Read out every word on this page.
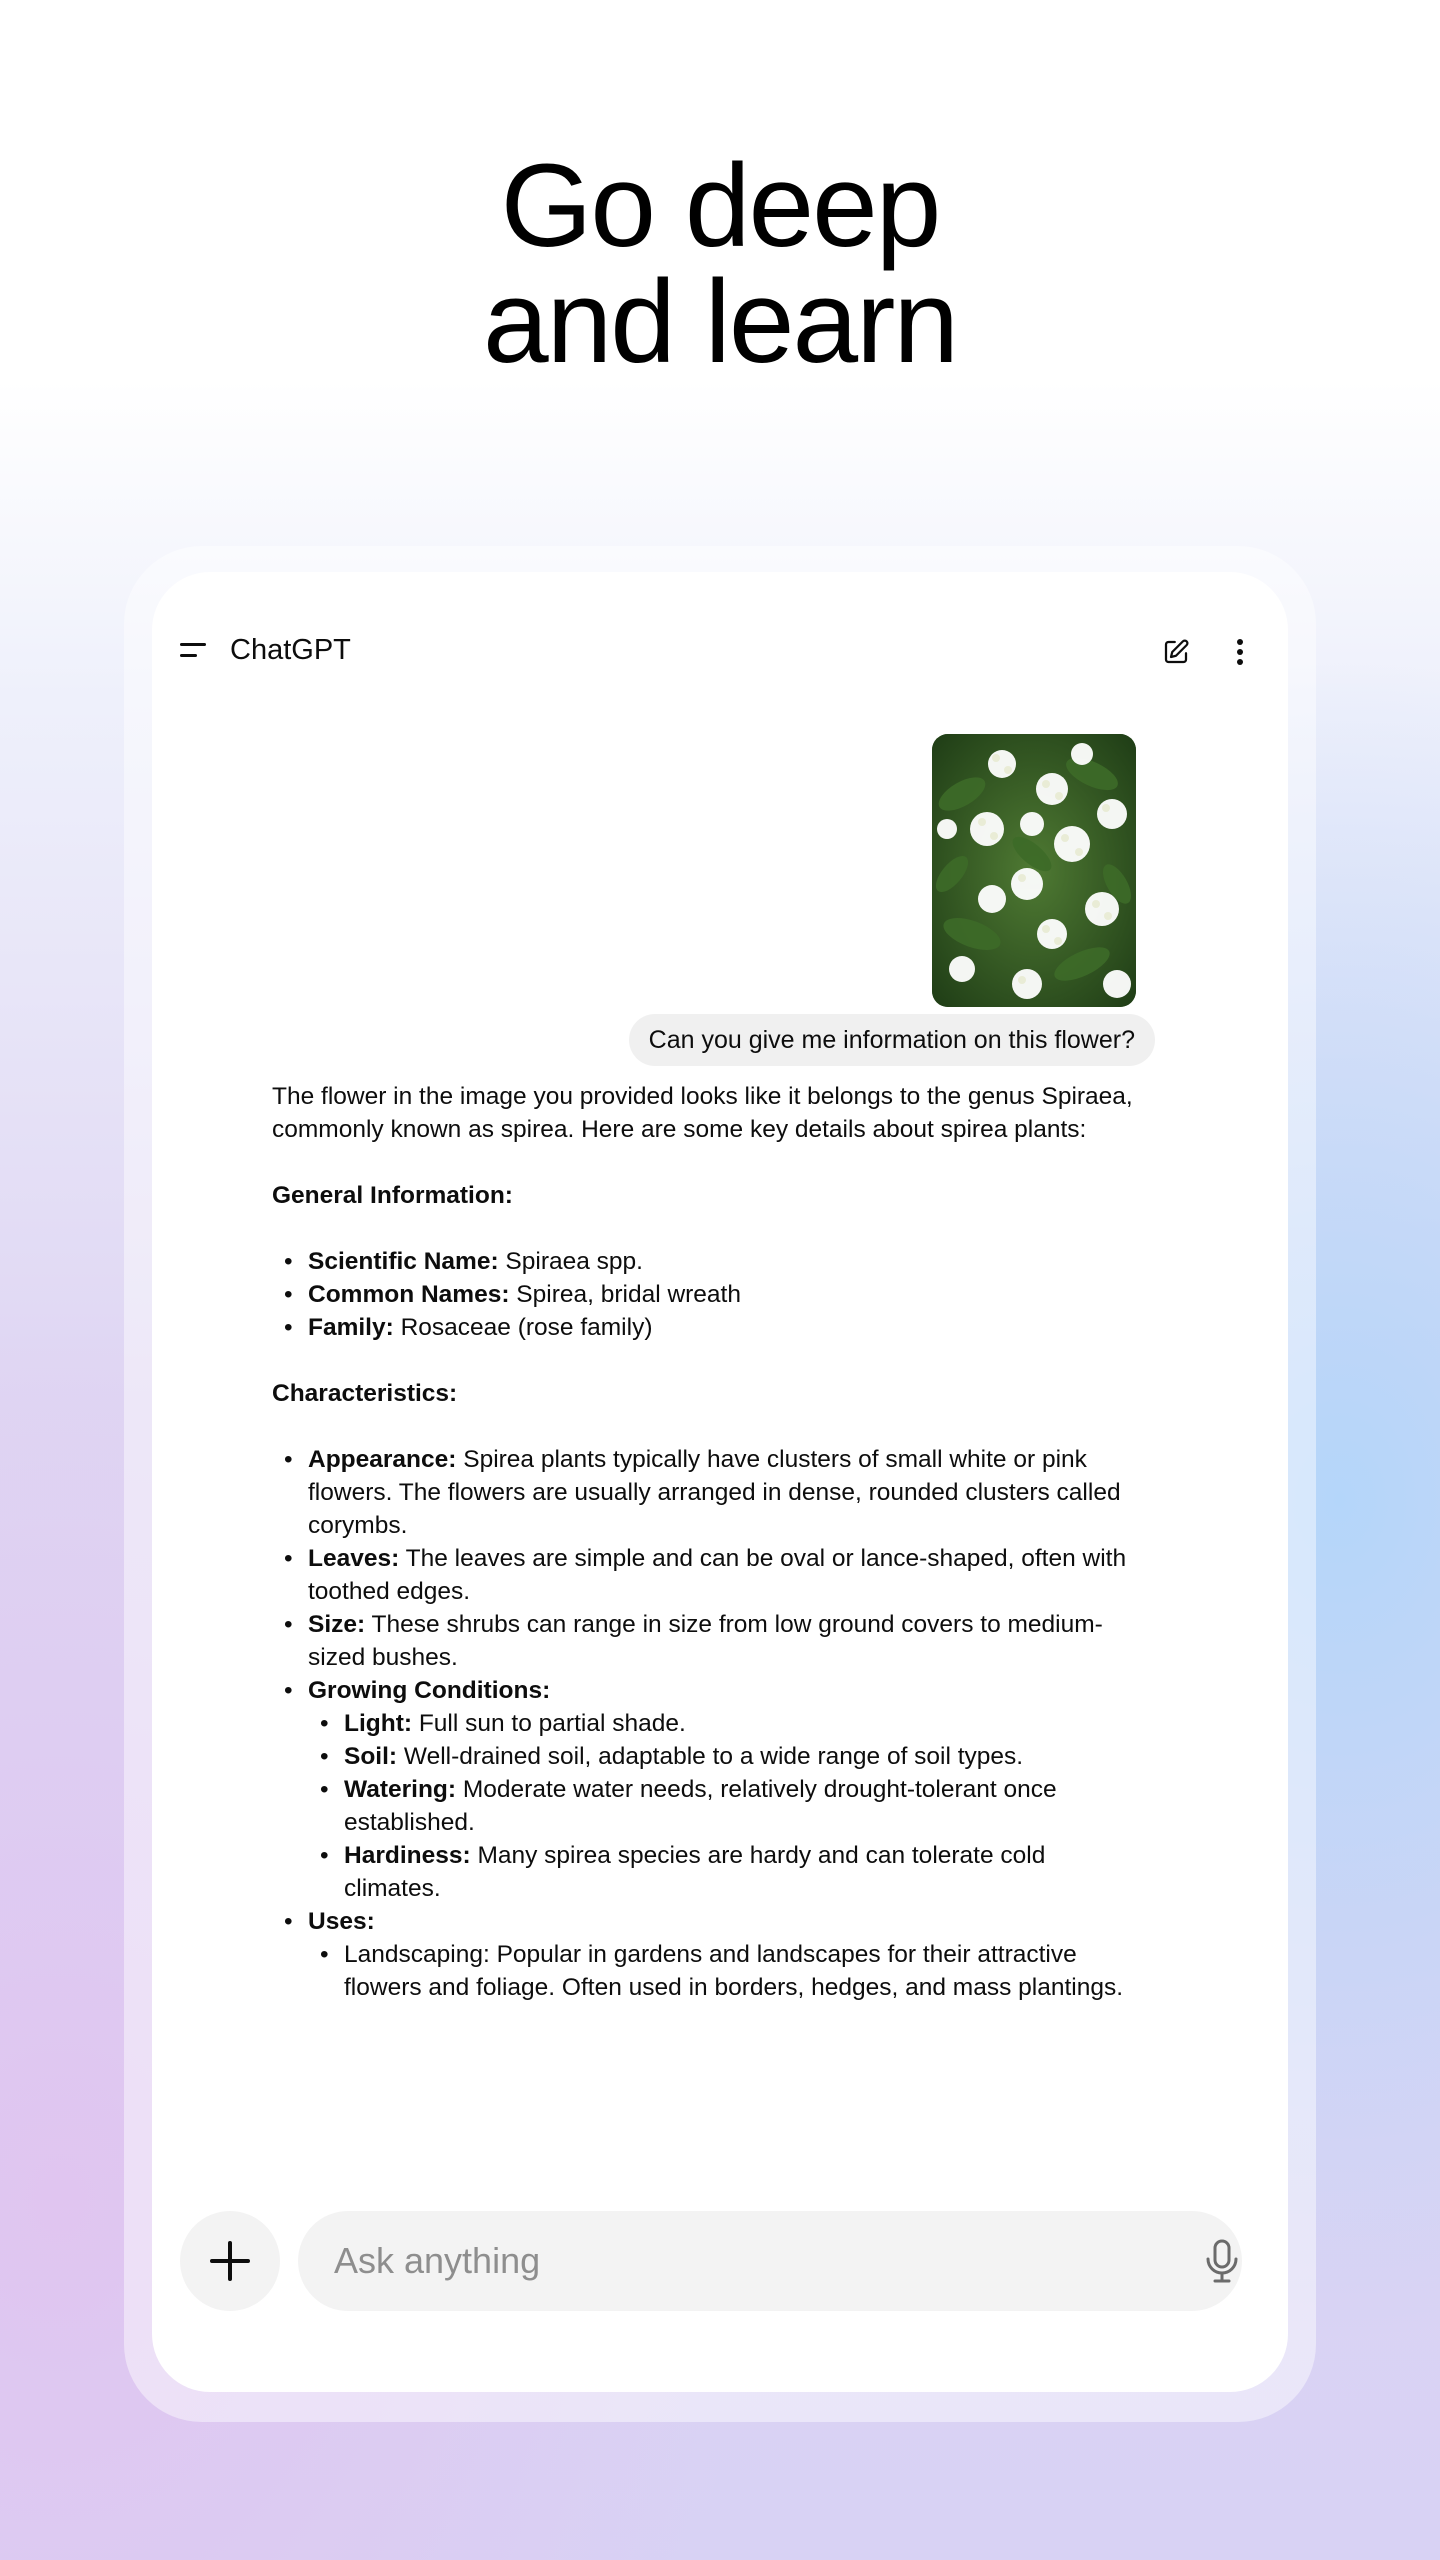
Go deep
and learn
ChatGPT
Can you give me information on this flower?

The flower in the image you provided looks like it belongs to the genus Spiraea, commonly known as spirea. Here are some key details about spirea plants:

General Information:

• Scientific Name: Spiraea spp.
• Common Names: Spirea, bridal wreath
• Family: Rosaceae (rose family)

Characteristics:

• Appearance: Spirea plants typically have clusters of small white or pink flowers. The flowers are usually arranged in dense, rounded clusters called corymbs.
• Leaves: The leaves are simple and can be oval or lance-shaped, often with toothed edges.
• Size: These shrubs can range in size from low ground covers to medium-sized bushes.
• Growing Conditions:
• Light: Full sun to partial shade.
• Soil: Well-drained soil, adaptable to a wide range of soil types.
• Watering: Moderate water needs, relatively drought-tolerant once established.
• Hardiness: Many spirea species are hardy and can tolerate cold climates.
• Uses:
• Landscaping: Popular in gardens and landscapes for their attractive flowers and foliage. Often used in borders, hedges, and mass plantings.
Ask anything
